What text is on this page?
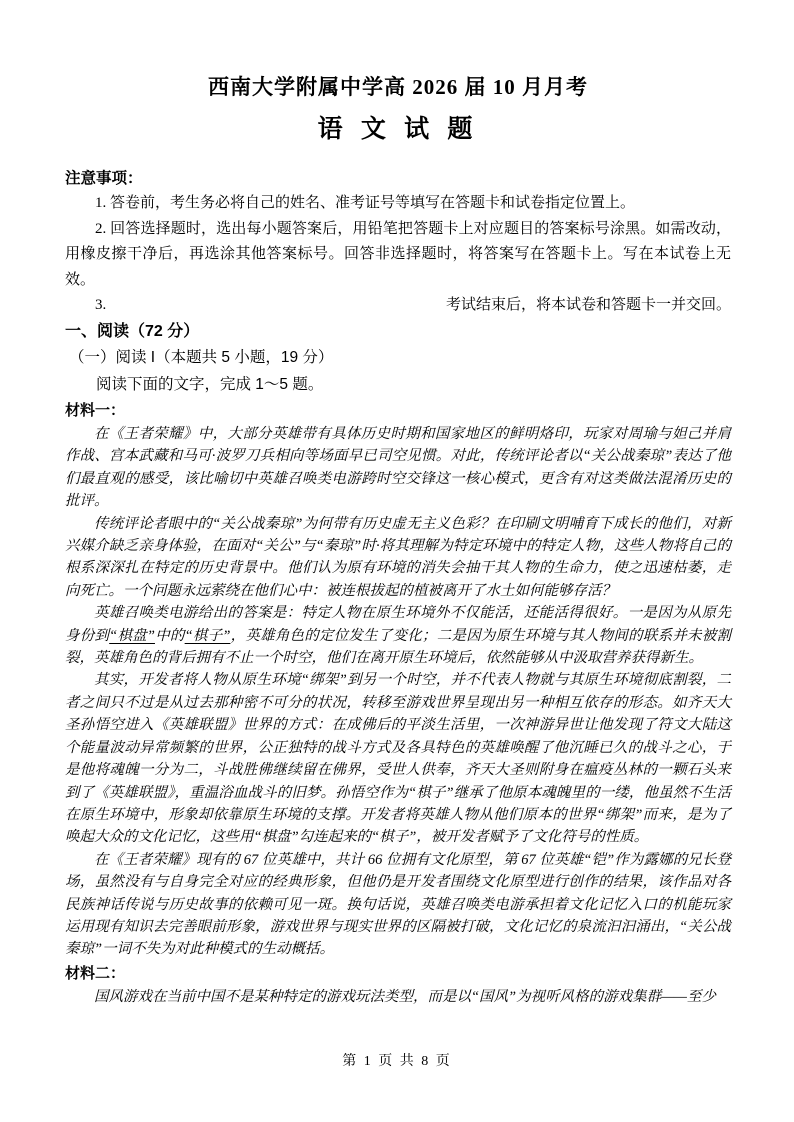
西南大学附属中学高 2026 届 10 月月考
语 文 试 题

注意事项：

1. 答卷前，考生务必将自己的姓名、准考证号等填写在答题卡和试卷指定位置上。

2. 回答选择题时，选出每小题答案后，用铅笔把答题卡上对应题目的答案标号涂黑。如需改动，用橡皮擦干净后，再选涂其他答案标号。回答非选择题时，将答案写在答题卡上。写在本试卷上无效。

3.	考试结束后，将本试卷和答题卡一并交回。

一、阅读（72 分）

（一）阅读 I（本题共 5 小题，19 分）

阅读下面的文字，完成 1～5 题。

材料一：

在《王者荣耀》中，大部分英雄带有具体历史时期和国家地区的鲜明烙印，玩家对周瑜与妲己并肩作战、宫本武藏和马可·波罗刀兵相向等场面早已司空见惯。对此，传统评论者以“关公战秦琼”表达了他们最直观的感受，该比喻切中英雄召唤类电游跨时空交锋这一核心模式，更含有对这类做法混淆历史的批评。

传统评论者眼中的“关公战秦琼”为何带有历史虚无主义色彩？在印刷文明哺育下成长的他们，对新兴媒介缺乏亲身体验，在面对“关公”与“秦琼”时·将其理解为特定环境中的特定人物，这些人物将自己的根系深深扎在特定的历史背景中。他们认为原有环境的消失会抽干其人物的生命力，使之迅速枯萎，走向死亡。一个问题永远萦绕在他们心中：被连根拔起的植被离开了水土如何能够存活？

英雄召唤类电游给出的答案是：特定人物在原生环境外不仅能活，还能活得很好。一是因为从原先身份到“棋盘”中的“棋子”，英雄角色的定位发生了变化；二是因为原生环境与其人物间的联系并未被割裂，英雄角色的背后拥有不止一个时空，他们在离开原生环境后，依然能够从中汲取营养获得新生。

其实，开发者将人物从原生环境“绑架”到另一个时空，并不代表人物就与其原生环境彻底割裂，二者之间只不过是从过去那种密不可分的状况，转移至游戏世界呈现出另一种相互依存的形态。如齐天大圣孙悟空进入《英雄联盟》世界的方式：在成佛后的平淡生活里，一次神游异世让他发现了符文大陆这个能量波动异常频繁的世界，公正独特的战斗方式及各具特色的英雄唤醒了他沉睡已久的战斗之心，于是他将魂魄一分为二，斗战胜佛继续留在佛界，受世人供奉，齐天大圣则附身在瘟疫丛林的一颗石头来到了《英雄联盟》，重温浴血战斗的旧梦。孙悟空作为“棋子”继承了他原本魂魄里的一缕，他虽然不生活在原生环境中，形象却依靠原生环境的支撑。开发者将英雄人物从他们原本的世界“绑架”而来，是为了唤起大众的文化记忆，这些用“棋盘”勾连起来的“棋子”，被开发者赋予了文化符号的性质。

在《王者荣耀》现有的 67 位英雄中，共计 66 位拥有文化原型，第 67 位英雄“铠”作为露娜的兄长登场，虽然没有与自身完全对应的经典形象，但他仍是开发者围绕文化原型进行创作的结果，该作品对各民族神话传说与历史故事的依赖可见一斑。换句话说，英雄召唤类电游承担着文化记忆入口的机能玩家运用现有知识去完善眼前形象，游戏世界与现实世界的区隔被打破，文化记忆的泉流汩汩涌出，“关公战秦琼”一词不失为对此种模式的生动概括。

材料二：

国风游戏在当前中国不是某种特定的游戏玩法类型，而是以“国风”为视听风格的游戏集群——至少

第 1 页 共 8 页
